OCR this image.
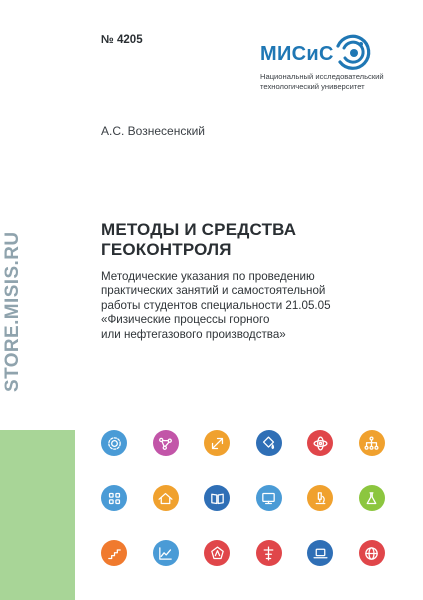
№ 4205
МИСиС
Национальный исследовательский
технологический университет
А.С. Вознесенский
МЕТОДЫ И СРЕДСТВА
ГЕОКОНТРОЛЯ
Методические указания по проведению
практических занятий и самостоятельной
работы студентов специальности 21.05.05
«Физические процессы горного
или нефтегазового производства»
